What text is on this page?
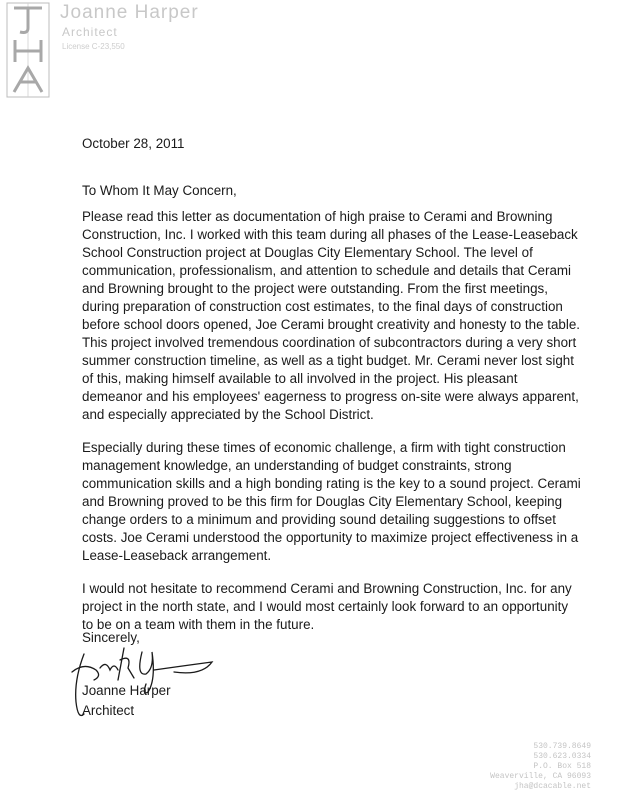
Joanne Harper
Architect
License C-23,550
October 28, 2011
To Whom It May Concern,

Please read this letter as documentation of high praise to Cerami and Browning
Construction, Inc. I worked with this team during all phases of the Lease-Leaseback
School Construction project at Douglas City Elementary School. The level of
communication, professionalism, and attention to schedule and details that Cerami
and Browning brought to the project were outstanding. From the first meetings,
during preparation of construction cost estimates, to the final days of construction
before school doors opened, Joe Cerami brought creativity and honesty to the table.
This project involved tremendous coordination of subcontractors during a very short
summer construction timeline, as well as a tight budget. Mr. Cerami never lost sight
of this, making himself available to all involved in the project. His pleasant
demeanor and his employees' eagerness to progress on-site were always apparent,
and especially appreciated by the School District.

Especially during these times of economic challenge, a firm with tight construction
management knowledge, an understanding of budget constraints, strong
communication skills and a high bonding rating is the key to a sound project. Cerami
and Browning proved to be this firm for Douglas City Elementary School, keeping
change orders to a minimum and providing sound detailing suggestions to offset
costs. Joe Cerami understood the opportunity to maximize project effectiveness in a
Lease-Leaseback arrangement.

I would not hesitate to recommend Cerami and Browning Construction, Inc. for any
project in the north state, and I would most certainly look forward to an opportunity
to be on a team with them in the future.

Sincerely,
Joanne Harper
Architect
530.739.8649
530.623.0334
P.O. Box 518
Weaverville, CA 96093
jha@dcacable.net
